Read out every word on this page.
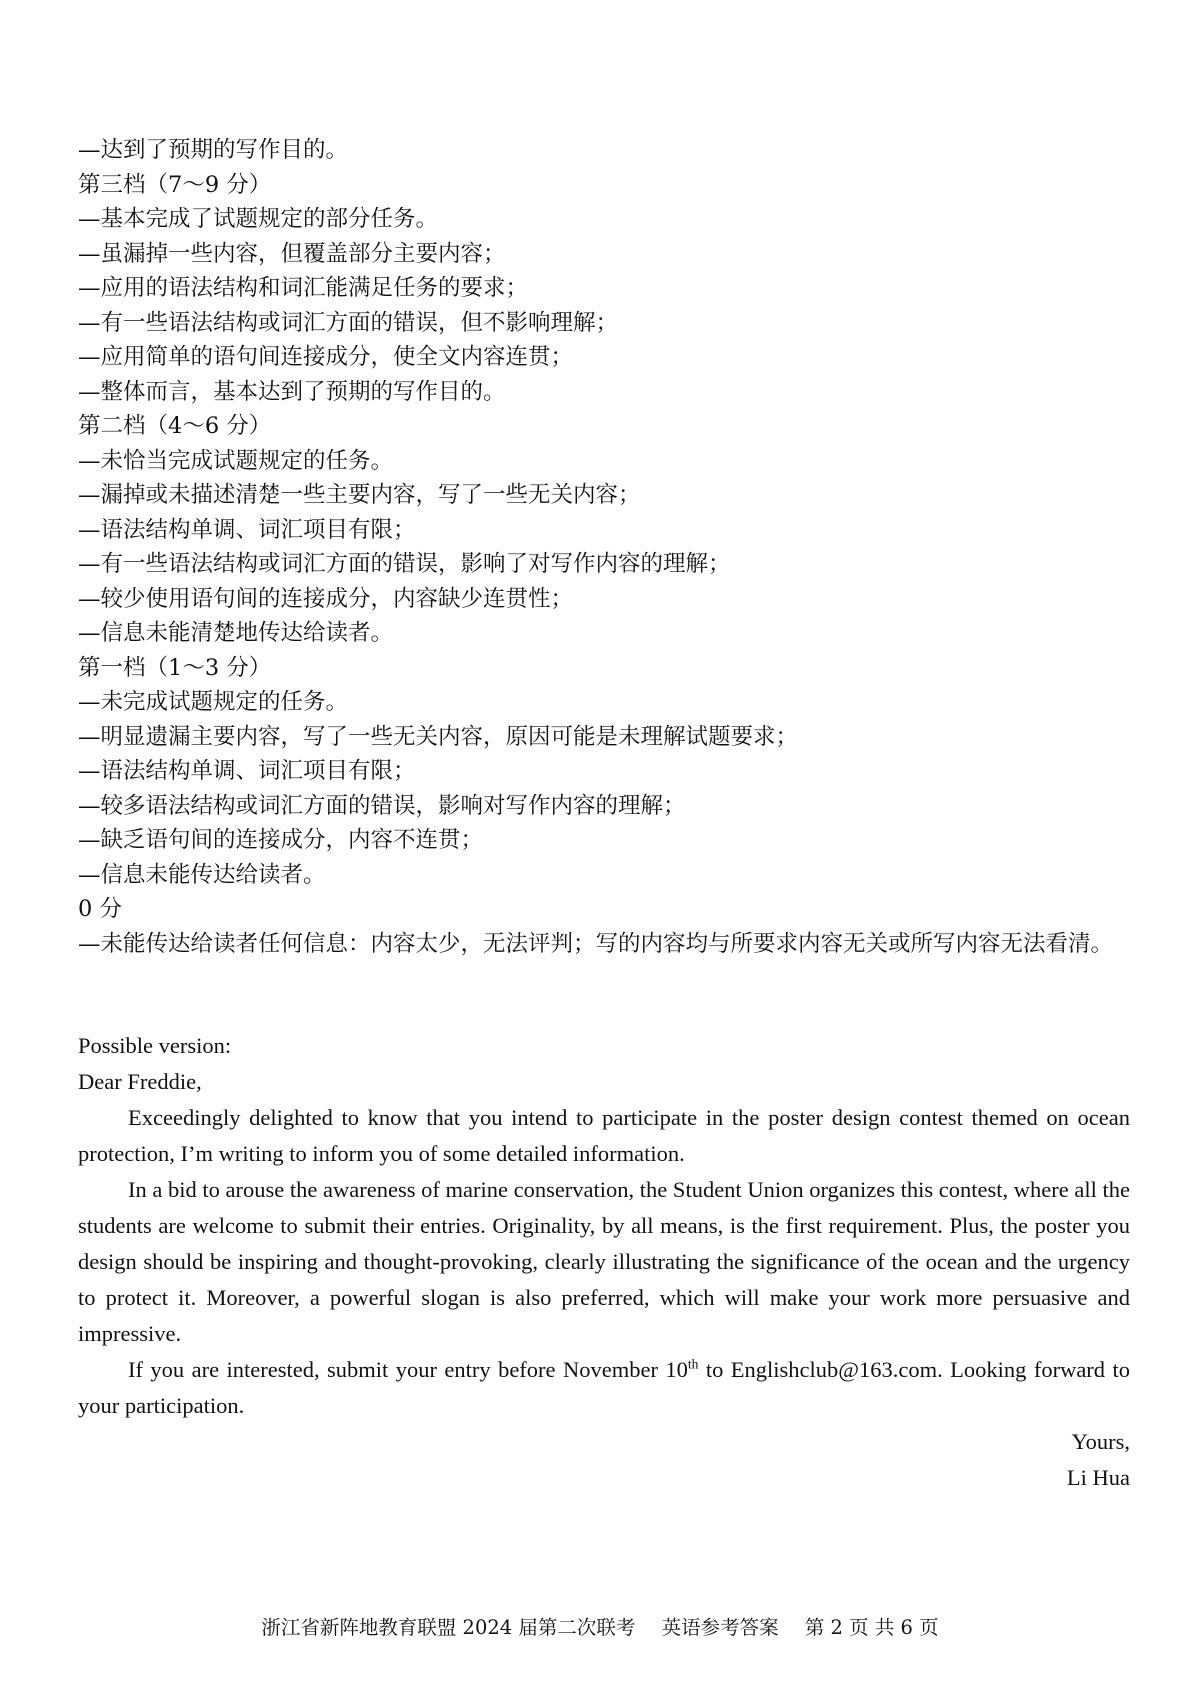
—达到了预期的写作目的。
第三档（7～9 分）
—基本完成了试题规定的部分任务。
—虽漏掉一些内容，但覆盖部分主要内容；
—应用的语法结构和词汇能满足任务的要求；
—有一些语法结构或词汇方面的错误，但不影响理解；
—应用简单的语句间连接成分，使全文内容连贯；
—整体而言，基本达到了预期的写作目的。
第二档（4～6 分）
—未恰当完成试题规定的任务。
—漏掉或未描述清楚一些主要内容，写了一些无关内容；
—语法结构单调、词汇项目有限；
—有一些语法结构或词汇方面的错误，影响了对写作内容的理解；
—较少使用语句间的连接成分，内容缺少连贯性；
—信息未能清楚地传达给读者。
第一档（1～3 分）
—未完成试题规定的任务。
—明显遗漏主要内容，写了一些无关内容，原因可能是未理解试题要求；
—语法结构单调、词汇项目有限；
—较多语法结构或词汇方面的错误，影响对写作内容的理解；
—缺乏语句间的连接成分，内容不连贯；
—信息未能传达给读者。
0 分
—未能传达给读者任何信息：内容太少，无法评判；写的内容均与所要求内容无关或所写内容无法看清。

Possible version:

Dear Freddie,

Exceedingly delighted to know that you intend to participate in the poster design contest themed on ocean protection, I’m writing to inform you of some detailed information.

In a bid to arouse the awareness of marine conservation, the Student Union organizes this contest, where all the students are welcome to submit their entries. Originality, by all means, is the first requirement. Plus, the poster you design should be inspiring and thought-provoking, clearly illustrating the significance of the ocean and the urgency to protect it. Moreover, a powerful slogan is also preferred, which will make your work more persuasive and impressive.

If you are interested, submit your entry before November 10th to Englishclub@163.com. Looking forward to your participation.

Yours,

Li Hua

浙江省新阵地教育联盟 2024 届第二次联考 英语参考答案 第 2 页 共 6 页
